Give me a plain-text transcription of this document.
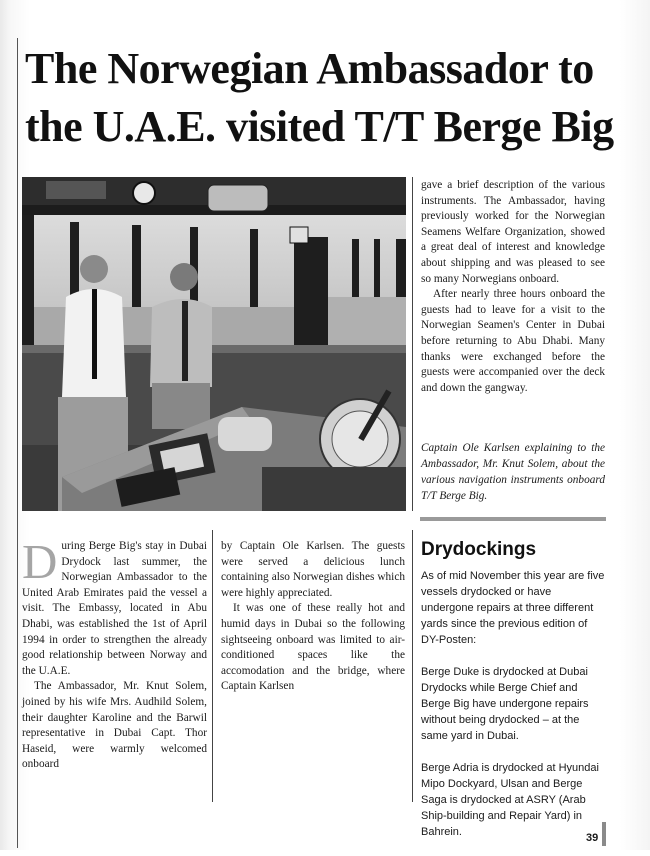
The Norwegian Ambassador to the U.A.E. visited T/T Berge Big

During Berge Big's stay in Dubai Drydock last summer, the Norwegian Ambassador to the United Arab Emirates paid the vessel a visit. The Embassy, located in Abu Dhabi, was established the 1st of April 1994 in order to strengthen the already good relationship between Norway and the U.A.E.

The Ambassador, Mr. Knut Solem, joined by his wife Mrs. Audhild Solem, their daughter Karoline and the Barwil representative in Dubai Capt. Thor Haseid, were warmly welcomed onboard

by Captain Ole Karlsen. The guests were served a delicious lunch containing also Norwegian dishes which were highly appreciated.

It was one of these really hot and humid days in Dubai so the following sightseeing onboard was limited to air-conditioned spaces like the accomodation and the bridge, where Captain Karlsen

gave a brief description of the various instruments. The Ambassador, having previously worked for the Norwegian Seamens Welfare Organization, showed a great deal of interest and knowledge about shipping and was pleased to see so many Norwegians onboard.

After nearly three hours onboard the guests had to leave for a visit to the Norwegian Seamen's Center in Dubai before returning to Abu Dhabi. Many thanks were exchanged before the guests were accompanied over the deck and down the gangway.

Captain Ole Karlsen explaining to the Ambassador, Mr. Knut Solem, about the various navigation instruments onboard T/T Berge Big.

Drydockings

As of mid November this year are five vessels drydocked or have undergone repairs at three different yards since the previous edition of DY-Posten:

Berge Duke is drydocked at Dubai Drydocks while Berge Chief and Berge Big have undergone repairs without being drydocked – at the same yard in Dubai.

Berge Adria is drydocked at Hyundai Mipo Dockyard, Ulsan and Berge Saga is drydocked at ASRY (Arab Ship-building and Repair Yard) in Bahrein.	39
